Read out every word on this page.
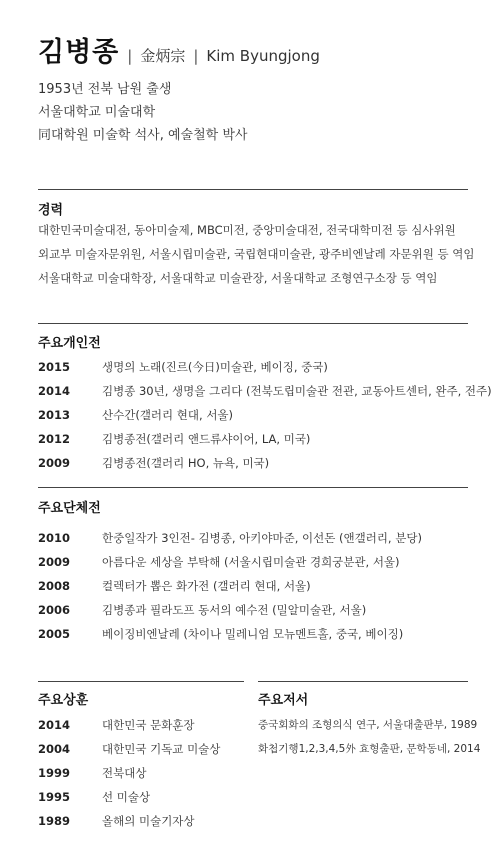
김병종 | 金炳宗 | Kim Byungjong
1953년 전북 남원 출생
서울대학교 미술대학
同대학원 미술학 석사, 예술철학 박사
경력
대한민국미술대전, 동아미술제, MBC미전, 중앙미술대전, 전국대학미전 등 심사위원
외교부 미술자문위원, 서울시립미술관, 국립현대미술관, 광주비엔날레 자문위원 등 역임
서울대학교 미술대학장, 서울대학교 미술관장, 서울대학교 조형연구소장 등 역임
주요개인전
2015	생명의 노래(진르(今日)미술관, 베이징, 중국)
2014	김병종 30년, 생명을 그리다 (전북도립미술관 전관, 교동아트센터, 완주, 전주)
2013	산수간(갤러리 현대, 서울)
2012	김병종전(갤러리 앤드류샤이어, LA, 미국)
2009	김병종전(갤러리 HO, 뉴욕, 미국)
주요단체전
2010	한중일작가 3인전- 김병종, 아키야마준, 이선돈 (앤갤러리, 분당)
2009	아름다운 세상을 부탁해 (서울시립미술관 경희궁분관, 서울)
2008	컬렉터가 뽑은 화가전 (갤러리 현대, 서울)
2006	김병종과 필라도프 동서의 예수전 (밀알미술관, 서울)
2005	베이징비엔날레 (차이나 밀레니엄 모뉴멘트홀, 중국, 베이징)
주요상훈
2014	대한민국 문화훈장
2004	대한민국 기독교 미술상
1999	전북대상
1995	선 미술상
1989	올해의 미술기자상
주요저서
중국회화의 조형의식 연구, 서울대출판부, 1989
화첩기행1,2,3,4,5外 효형출판, 문학동네, 2014
